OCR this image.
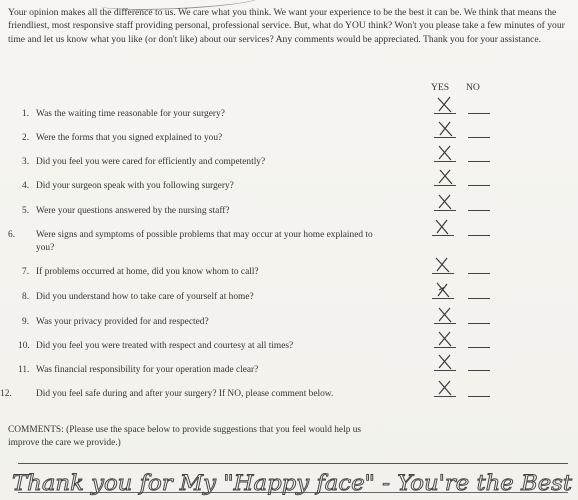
Your opinion makes all the difference to us. We care what you think. We want your experience to be the best it can be. We think that means the friendliest, most responsive staff providing personal, professional service. But, what do YOU think? Won't you please take a few minutes of your time and let us know what you like (or don't like) about our services? Any comments would be appreciated. Thank you for your assistance.

YES NO
1. Was the waiting time reasonable for your surgery?
2. Were the forms that you signed explained to you?
3. Did you feel you were cared for efficiently and competently?
4. Did your surgeon speak with you following surgery?
5. Were your questions answered by the nursing staff?
6. Were signs and symptoms of possible problems that may occur at your home explained to you?
7. If problems occurred at home, did you know whom to call?
8. Did you understand how to take care of yourself at home?
9. Was your privacy provided for and respected?
10. Did you feel you were treated with respect and courtesy at all times?
11. Was financial responsibility for your operation made clear?
12.	Did you feel safe during and after your surgery? If NO, please comment below.
COMMENTS: (Please use the space below to provide suggestions that you feel would help us improve the care we provide.)
Thank you for My "Happy face" - You're the Best
